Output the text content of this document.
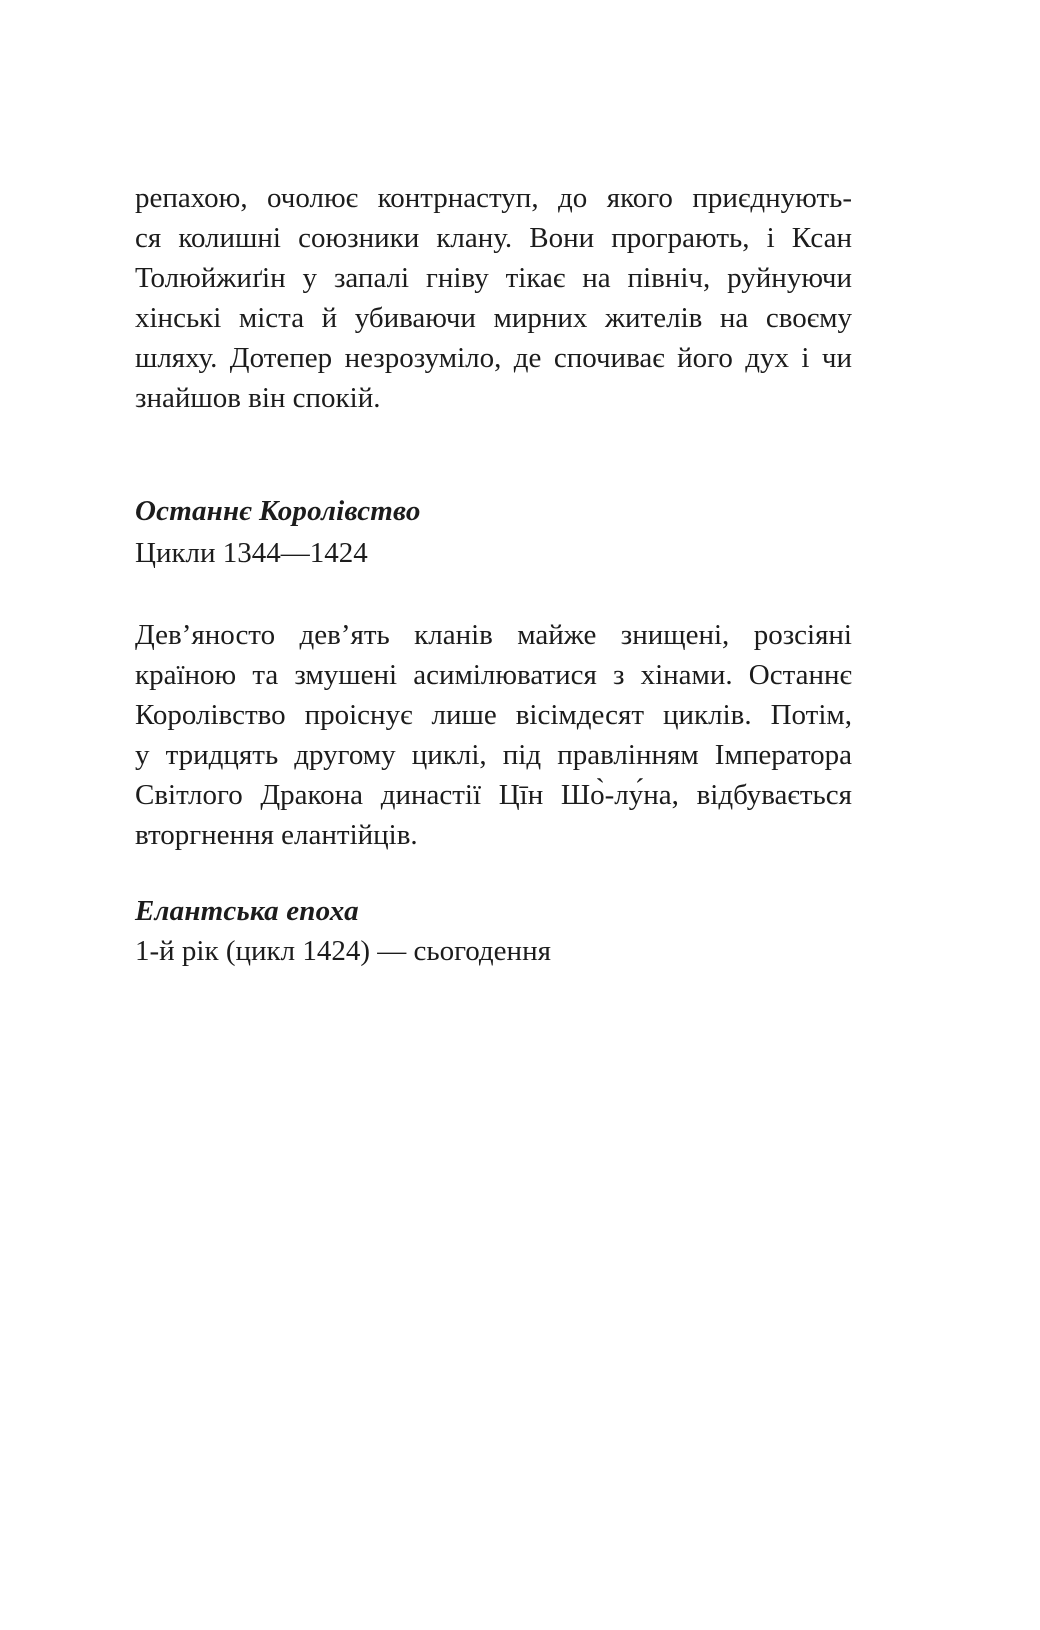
репахою, очолює контрнаступ, до якого приєднують-
ся колишні союзники клану. Вони програють, і Ксан
Толюйжиґін у запалі гніву тікає на північ, руйнуючи
хінські міста й убиваючи мирних жителів на своєму
шляху. Дотепер незрозуміло, де спочиває його дух і чи
знайшов він спокій.
Останнє Королівство
Цикли 1344—1424
Дев’яносто дев’ять кланів майже знищені, розсіяні
країною та змушені асимілюватися з хінами. Останнє
Королівство проіснує лише вісімдесят циклів. Потім,
у тридцять другому циклі, під правлінням Імператора
Світлого Дракона династії Цīн Шо̀-лу́на, відбувається
вторгнення елантійців.
Елантська епоха
1-й рік (цикл 1424) — сьогодення
